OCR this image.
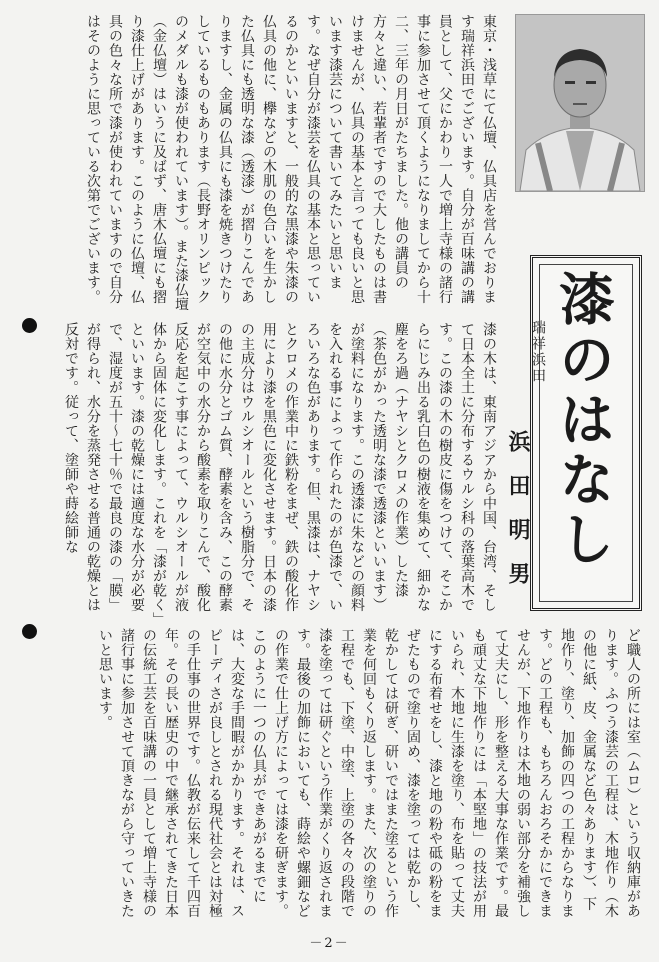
漆のはなし
瑞祥浜田
浜田明男
東京・浅草にて仏壇、仏具店を営んでおります瑞祥浜田でございます。自分が百味講の講員として、父にかわり一人で増上寺様の諸行事に参加させて頂くようになりましてから十二、三年の月日がたちました。他の講員の方々と違い、若輩者ですので大したものは書けませんが、仏具の基本と言っても良いと思います漆芸について書いてみたいと思います。なぜ自分が漆芸を仏具の基本と思っているのかといいますと、一般的な黒漆や朱漆の仏具の他に、欅などの木肌の色合いを生かした仏具にも透明な漆（透漆）が摺りこんでありますし、金属の仏具にも漆を焼きつけたりしているものもあります（長野オリンピックのメダルも漆が使われています）。また漆仏壇（金仏壇）はいうに及ばず、唐木仏壇にも摺り漆仕上げがあります。このように仏壇、仏具の色々な所で漆が使われていますので自分はそのように思っている次第でございます。
漆の木は、東南アジアから中国、台湾、そして日本全土に分布するウルシ科の落葉高木です。この漆の木の樹皮に傷をつけて、そこからにじみ出る乳白色の樹液を集めて、細かな塵をろ過（ナヤシとクロメの作業）した漆（茶色がかった透明な漆で透漆といいます）が塗料になります。この透漆に朱などの顔料を入れる事によって作られたのが色漆で、いろいろな色があります。但、黒漆は、ナヤシとクロメの作業中に鉄粉をまぜ、鉄の酸化作用により漆を黒色に変化させます。日本の漆の主成分はウルシオールという樹脂分で、その他に水分とゴム質、酵素を含み、この酵素が空気中の水分から酸素を取りこんで、酸化反応を起こす事によって、ウルシオールが液体から固体に変化します。これを「漆が乾く」といいます。漆の乾燥には適度な水分が必要で、湿度が五十～七十％で最良の漆の「膜」が得られ、水分を蒸発させる普通の乾燥とは反対です。従って、塗師や蒔絵師な
ど職人の所には室（ムロ）という収納庫があります。ふつう漆芸の工程は、木地作り（木の他に紙、皮、金属など色々あります）、下地作り、塗り、加飾の四つの工程からなります。どの工程も、もちろんおろそかにできませんが、下地作りは木地の弱い部分を補強して丈夫にし、形を整える大事な作業です。最も頑丈な下地作りには「本堅地」の技法が用いられ、木地に生漆を塗り、布を貼って丈夫にする布着せをし、漆と地の粉や砥の粉をまぜたもので塗り固め、漆を塗っては乾かし、乾かしては研ぎ、研いではまた塗るという作業を何回もくり返します。また、次の塗りの工程でも、下塗、中塗、上塗の各々の段階で漆を塗っては研ぐという作業がくり返されます。最後の加飾においても、蒔絵や螺鈿などの作業で仕上げ方によっては漆を研ぎます。このように一つの仏具ができあがるまでには、大変な手間暇がかかります。それは、スピーディさが良しとされる現代社会とは対極の手仕事の世界です。仏教が伝来して千四百年。その長い歴史の中で継承されてきた日本の伝統工芸を百味講の一員として増上寺様の諸行事に参加させて頂きながら守っていきたいと思います。
－2－
